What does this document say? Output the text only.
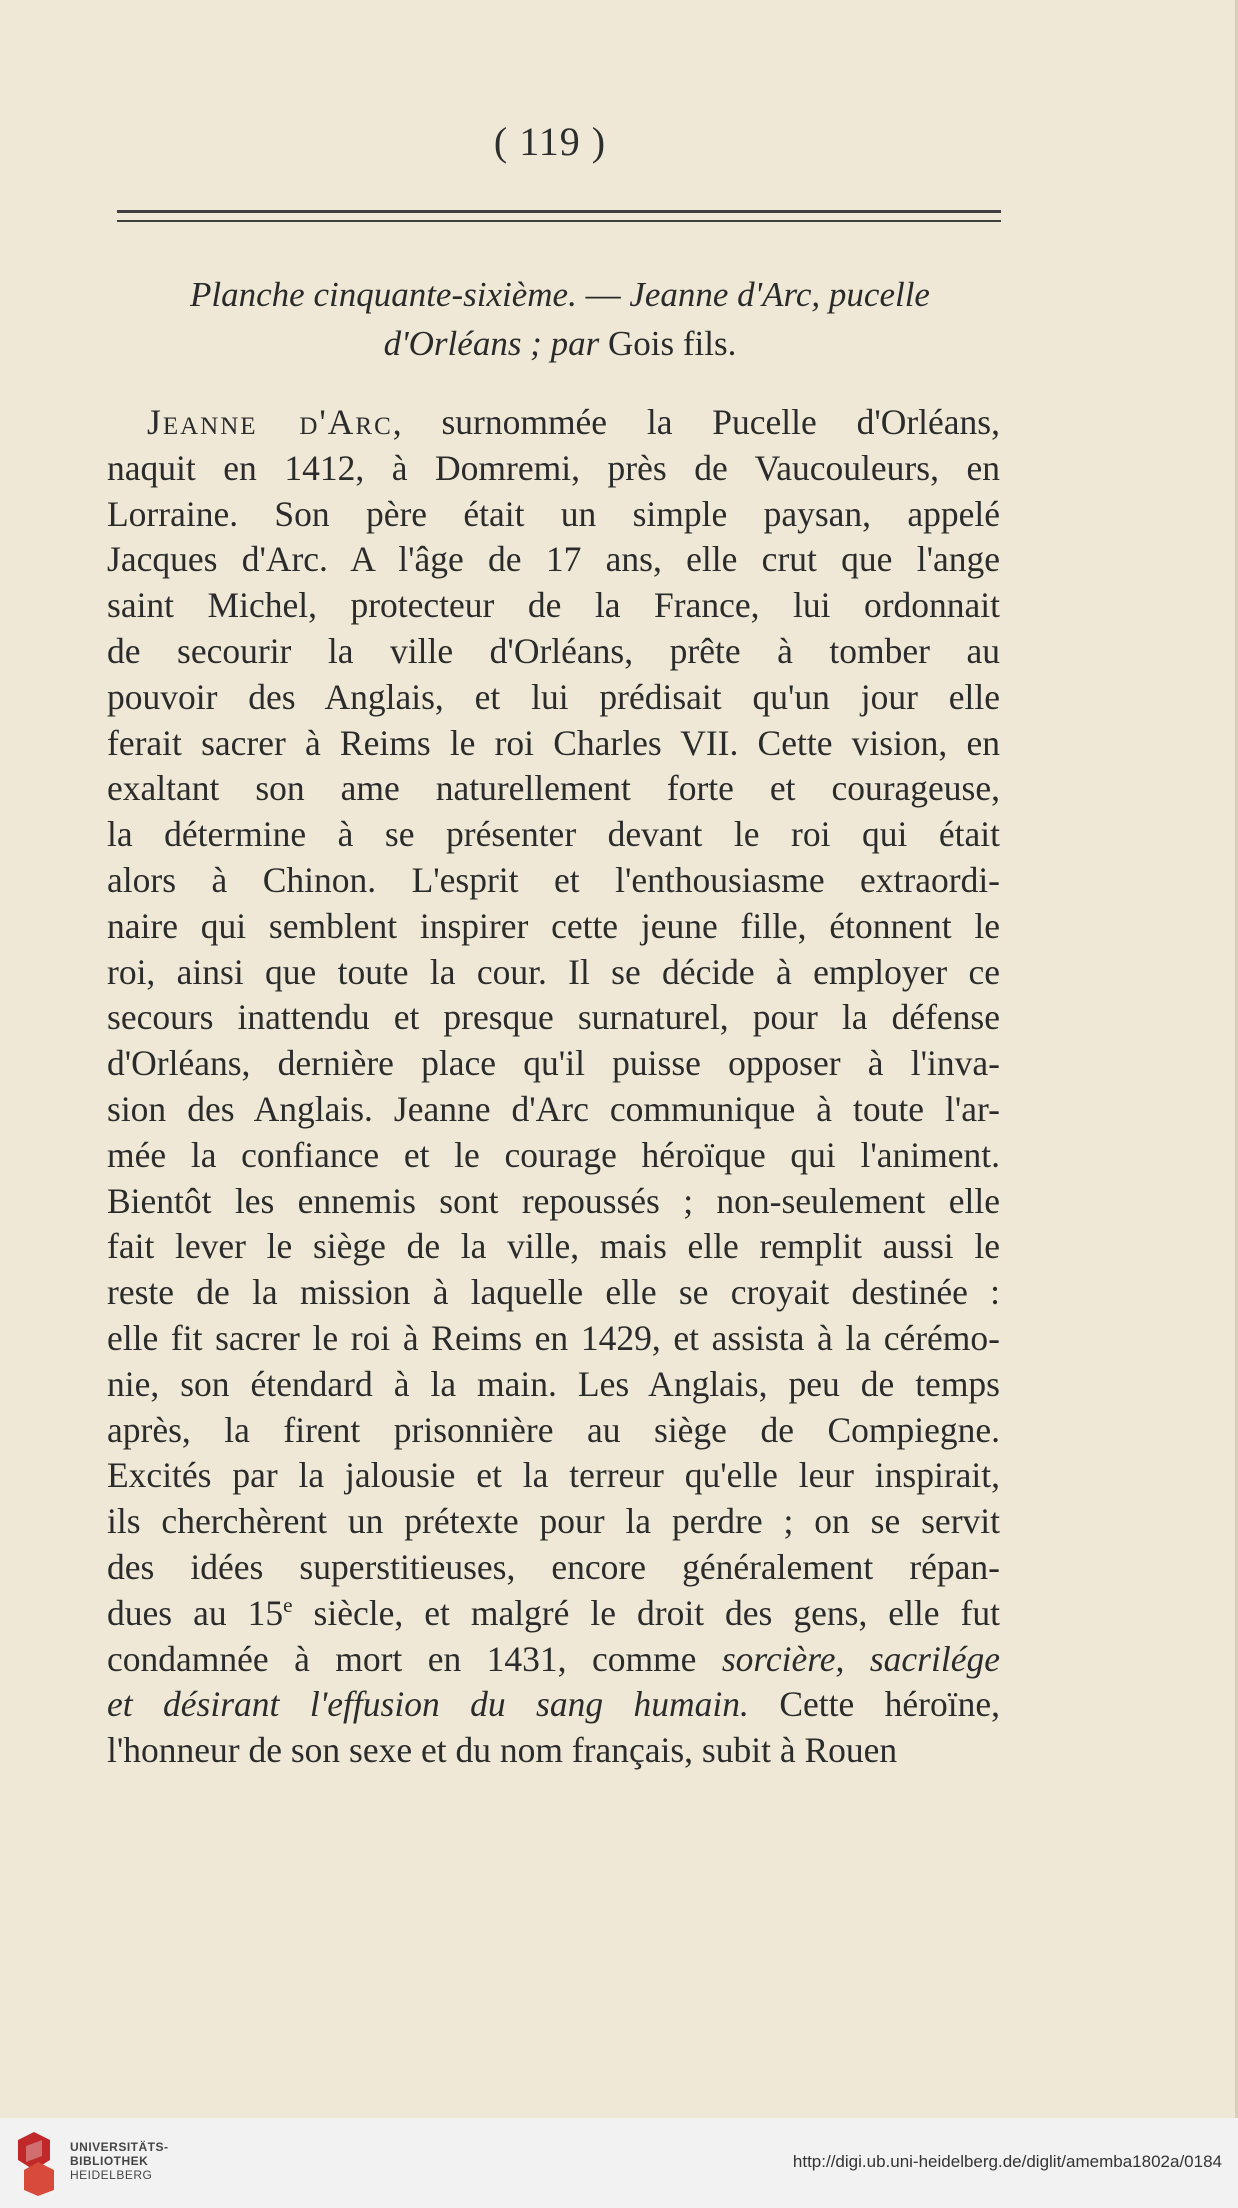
( 119 )
Planche cinquante-sixième. — Jeanne d'Arc, pucelle
d'Orléans ; par Gois fils.
Jeanne d'Arc, surnommée la Pucelle d'Orléans,
naquit en 1412, à Domremi, près de Vaucouleurs, en
Lorraine. Son père était un simple paysan, appelé
Jacques d'Arc. A l'âge de 17 ans, elle crut que l'ange
saint Michel, protecteur de la France, lui ordonnait
de secourir la ville d'Orléans, prête à tomber au
pouvoir des Anglais, et lui prédisait qu'un jour elle
ferait sacrer à Reims le roi Charles VII. Cette vision, en
exaltant son ame naturellement forte et courageuse,
la détermine à se présenter devant le roi qui était
alors à Chinon. L'esprit et l'enthousiasme extraordi-
naire qui semblent inspirer cette jeune fille, étonnent le
roi, ainsi que toute la cour. Il se décide à employer ce
secours inattendu et presque surnaturel, pour la défense
d'Orléans, dernière place qu'il puisse opposer à l'inva-
sion des Anglais. Jeanne d'Arc communique à toute l'ar-
mée la confiance et le courage héroïque qui l'animent.
Bientôt les ennemis sont repoussés ; non-seulement elle
fait lever le siège de la ville, mais elle remplit aussi le
reste de la mission à laquelle elle se croyait destinée :
elle fit sacrer le roi à Reims en 1429, et assista à la cérémo-
nie, son étendard à la main. Les Anglais, peu de temps
après, la firent prisonnière au siège de Compiegne.
Excités par la jalousie et la terreur qu'elle leur inspirait,
ils cherchèrent un prétexte pour la perdre ; on se servit
des idées superstitieuses, encore généralement répan-
dues au 15e siècle, et malgré le droit des gens, elle fut
condamnée à mort en 1431, comme sorcière, sacrilége
et désirant l'effusion du sang humain. Cette héroïne,
l'honneur de son sexe et du nom français, subit à Rouen
UNIVERSITÄTS-
BIBLIOTHEK
HEIDELBERG
http://digi.ub.uni-heidelberg.de/diglit/amemba1802a/0184
